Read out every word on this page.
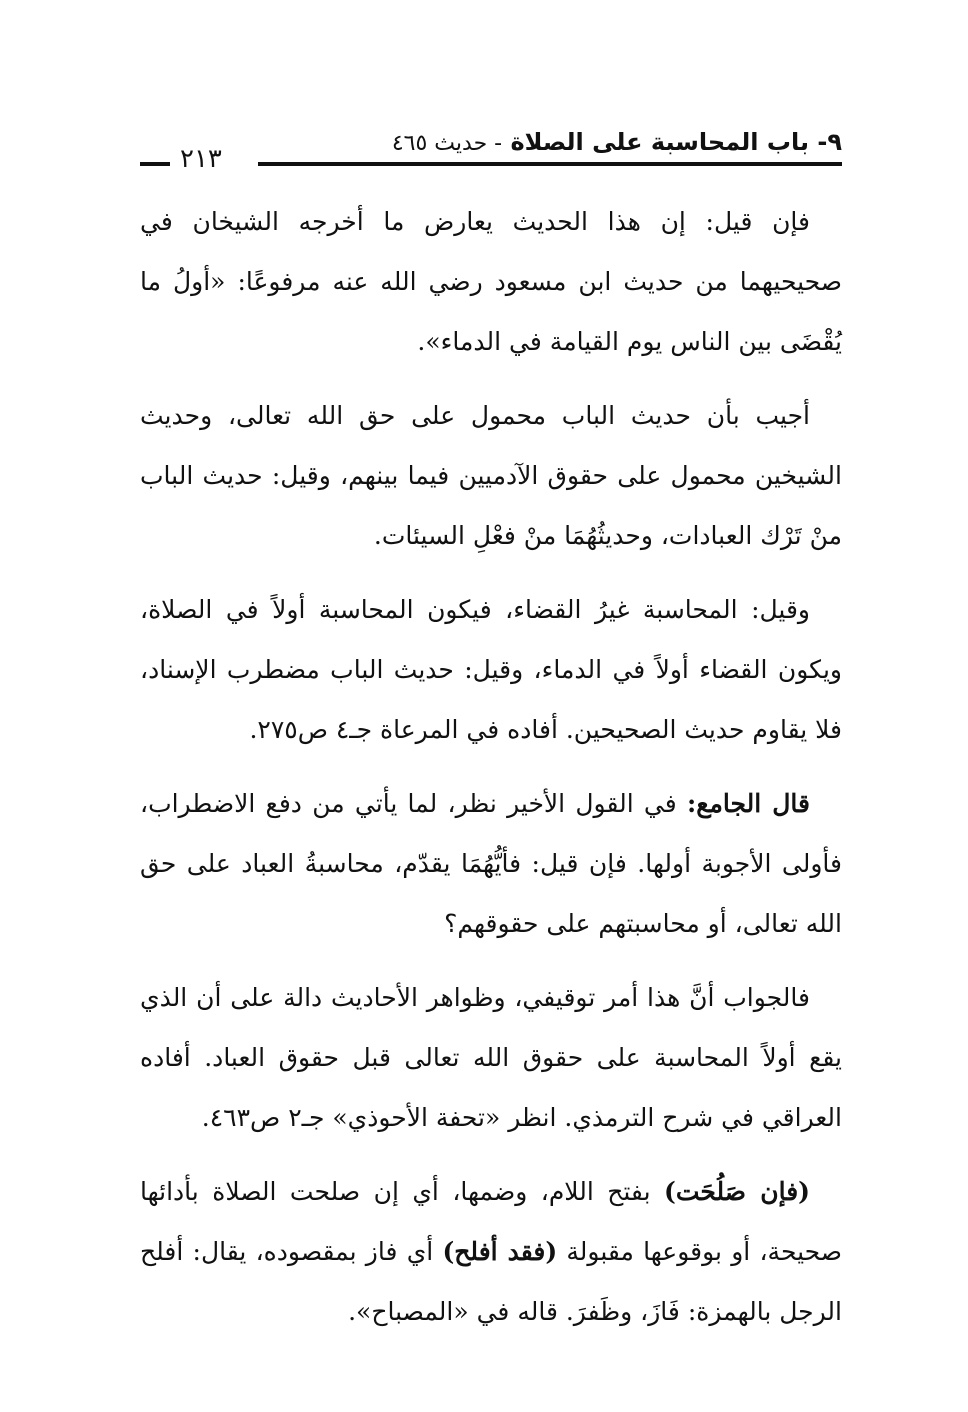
٩- باب المحاسبة على الصلاة - حديث ٤٦٥
٢١٣

فإن قيل: إن هذا الحديث يعارض ما أخرجه الشيخان في صحيحيهما من حديث ابن مسعود رضي الله عنه مرفوعًا: «أولُ ما يُقْضَى بين الناس يوم القيامة في الدماء».

أجيب بأن حديث الباب محمول على حق الله تعالى، وحديث الشيخين محمول على حقوق الآدميين فيما بينهم، وقيل: حديث الباب منْ تَرْك العبادات، وحديثُهُمَا منْ فعْلِ السيئات.

وقيل: المحاسبة غيرُ القضاء، فيكون المحاسبة أولاً في الصلاة، ويكون القضاء أولاً في الدماء، وقيل: حديث الباب مضطرب الإسناد، فلا يقاوم حديث الصحيحين. أفاده في المرعاة جـ٤ ص٢٧٥.

قال الجامع: في القول الأخير نظر، لما يأتي من دفع الاضطراب، فأولى الأجوبة أولها. فإن قيل: فأيُّهُمَا يقدّم، محاسبةُ العباد على حق الله تعالى، أو محاسبتهم على حقوقهم؟

فالجواب أنَّ هذا أمر توقيفي، وظواهر الأحاديث دالة على أن الذي يقع أولاً المحاسبة على حقوق الله تعالى قبل حقوق العباد. أفاده العراقي في شرح الترمذي. انظر «تحفة الأحوذي» جـ٢ ص٤٦٣.

(فإن صَلُحَت) بفتح اللام، وضمها، أي إن صلحت الصلاة بأدائها صحيحة، أو بوقوعها مقبولة (فقد أفلح) أي فاز بمقصوده، يقال: أفلح الرجل بالهمزة: فَازَ، وظَفرَ. قاله في «المصباح».
